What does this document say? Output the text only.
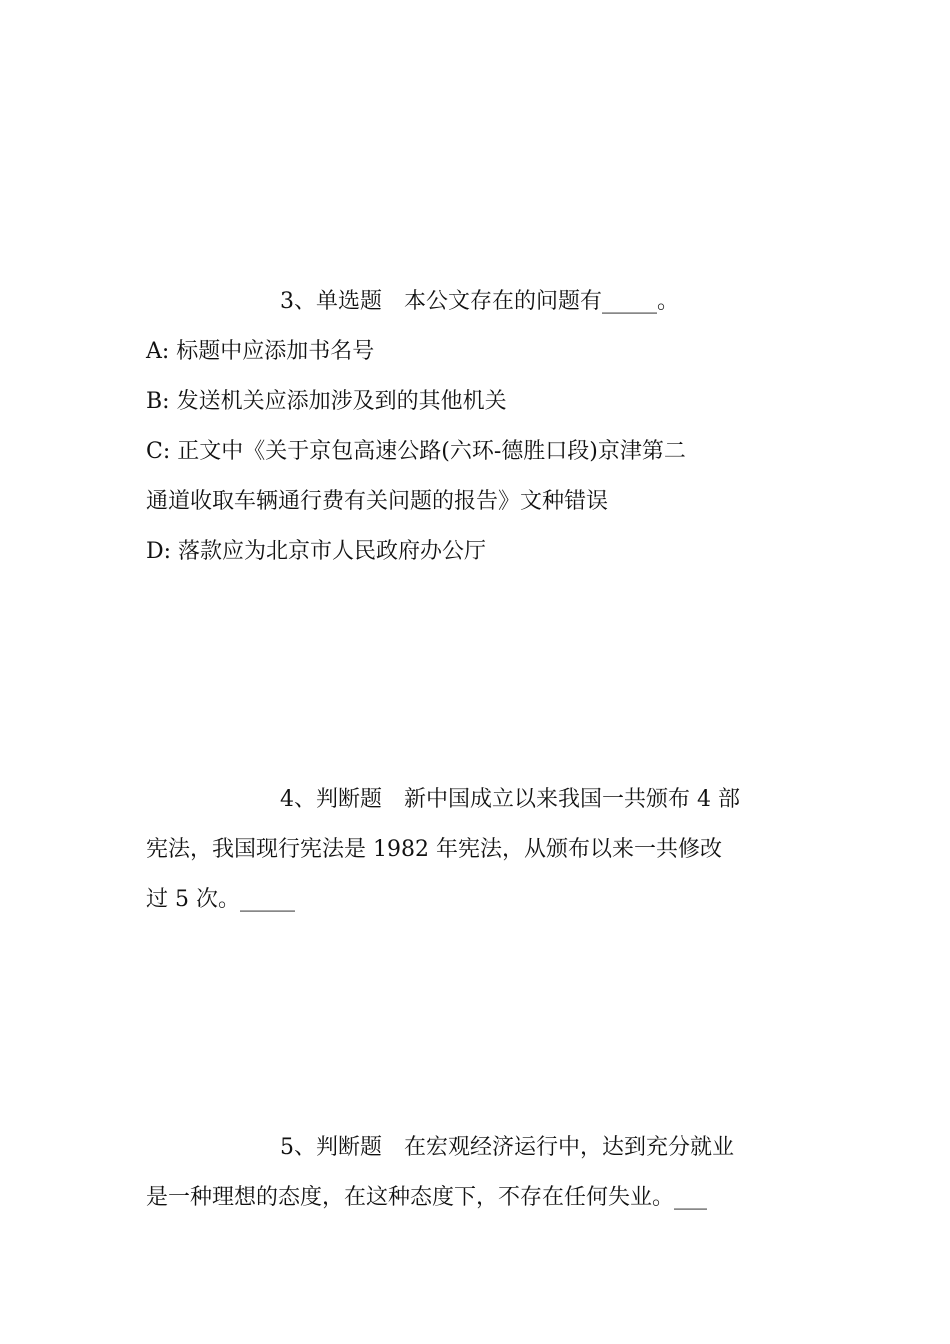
3、单选题　本公文存在的问题有_____。
A: 标题中应添加书名号
B: 发送机关应添加涉及到的其他机关
C: 正文中《关于京包高速公路(六环-德胜口段)京津第二
通道收取车辆通行费有关问题的报告》文种错误
D: 落款应为北京市人民政府办公厅
4、判断题　新中国成立以来我国一共颁布 4 部
宪法，我国现行宪法是 1982 年宪法，从颁布以来一共修改
过 5 次。_____
5、判断题　在宏观经济运行中，达到充分就业
是一种理想的态度，在这种态度下，不存在任何失业。___
